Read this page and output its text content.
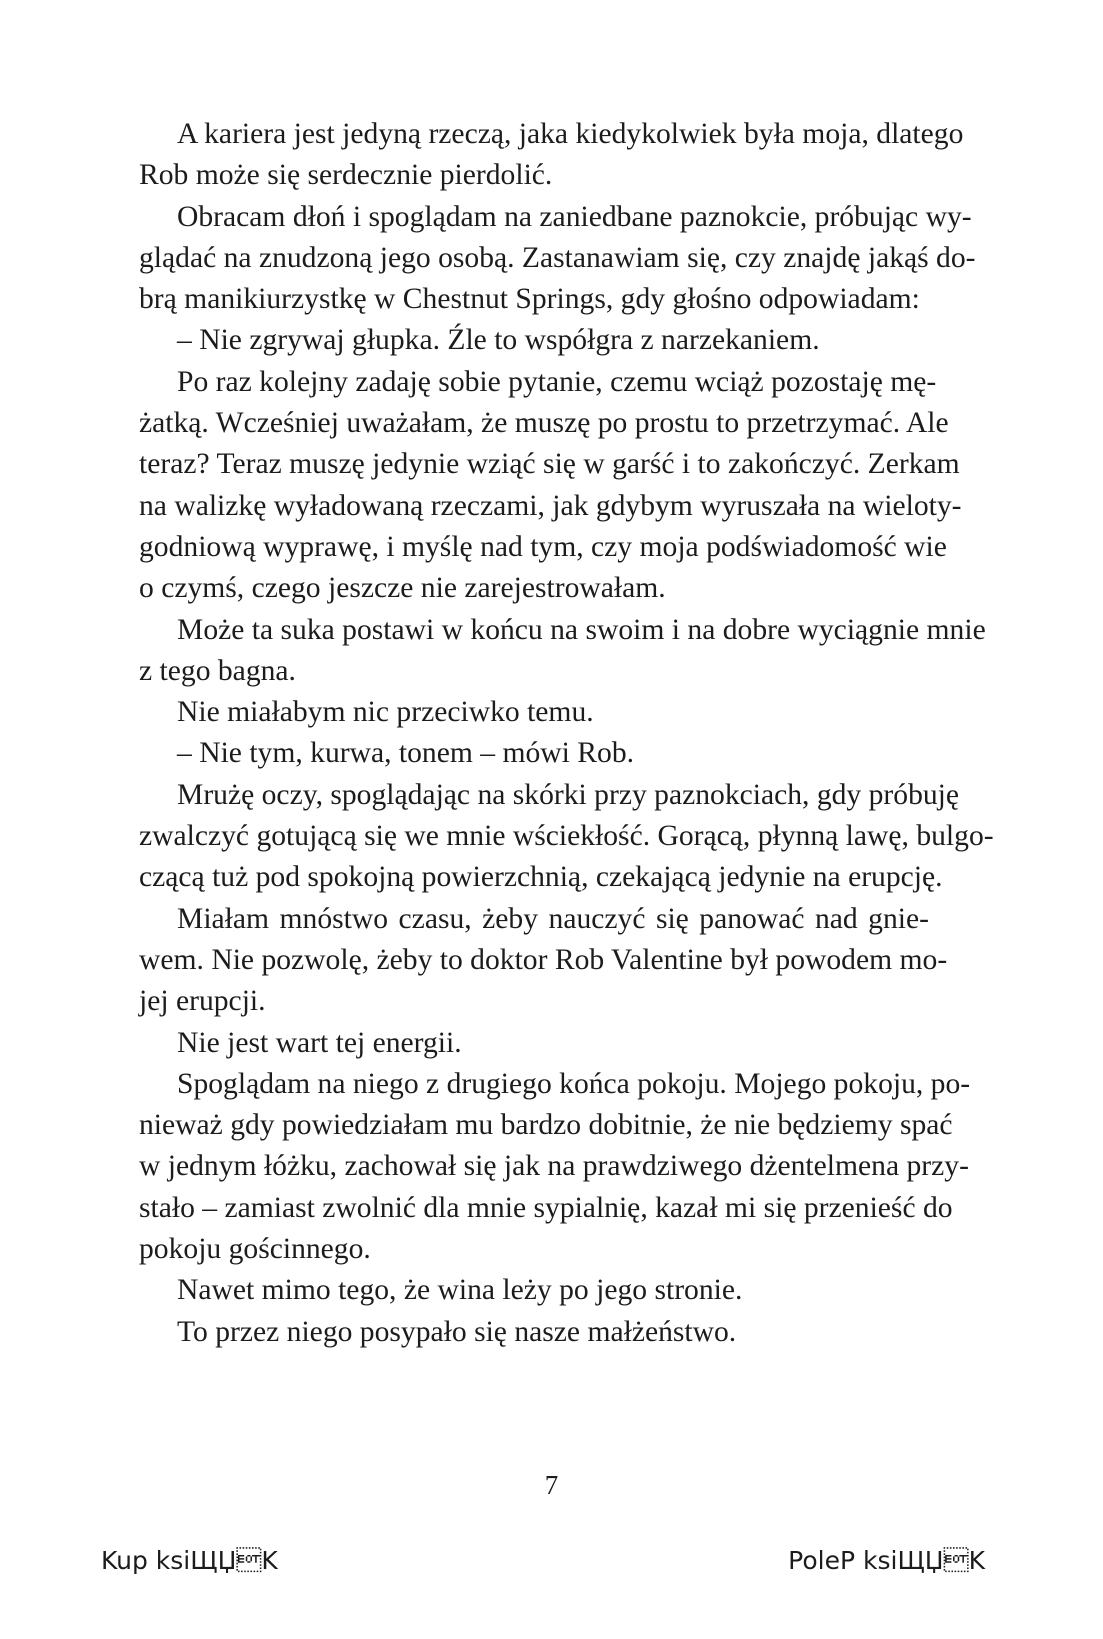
A kariera jest jedyną rzeczą, jaka kiedykolwiek była moja, dlatego
Rob może się serdecznie pierdolić.

Obracam dłoń i spoglądam na zaniedbane paznokcie, próbując wy-
glądać na znudzoną jego osobą. Zastanawiam się, czy znajdę jakąś do-
brą manikiurzystkę w Chestnut Springs, gdy głośno odpowiadam:

– Nie zgrywaj głupka. Źle to współgra z narzekaniem.

Po raz kolejny zadaję sobie pytanie, czemu wciąż pozostaję mę-
żatką. Wcześniej uważałam, że muszę po prostu to przetrzymać. Ale
teraz? Teraz muszę jedynie wziąć się w garść i to zakończyć. Zerkam
na walizkę wyładowaną rzeczami, jak gdybym wyruszała na wieloty-
godniową wyprawę, i myślę nad tym, czy moja podświadomość wie
o czymś, czego jeszcze nie zarejestrowałam.

Może ta suka postawi w końcu na swoim i na dobre wyciągnie mnie
z tego bagna.

Nie miałabym nic przeciwko temu.

– Nie tym, kurwa, tonem – mówi Rob.

Mrużę oczy, spoglądając na skórki przy paznokciach, gdy próbuję
zwalczyć gotującą się we mnie wściekłość. Gorącą, płynną lawę, bulgo-
czącą tuż pod spokojną powierzchnią, czekającą jedynie na erupcję.

Miałam mnóstwo czasu, żeby nauczyć się panować nad gnie-
wem. Nie pozwolę, żeby to doktor Rob Valentine był powodem mo-
jej erupcji.

Nie jest wart tej energii.

Spoglądam na niego z drugiego końca pokoju. Mojego pokoju, po-
nieważ gdy powiedziałam mu bardzo dobitnie, że nie będziemy spać
w jednym łóżku, zachował się jak na prawdziwego dżentelmena przy-
stało – zamiast zwolnić dla mnie sypialnię, kazał mi się przenieść do
pokoju gościnnego.

Nawet mimo tego, że wina leży po jego stronie.

To przez niego posypało się nasze małżeństwo.

7
Kup ksiЩЏK	PoleP ksiЩЏK
